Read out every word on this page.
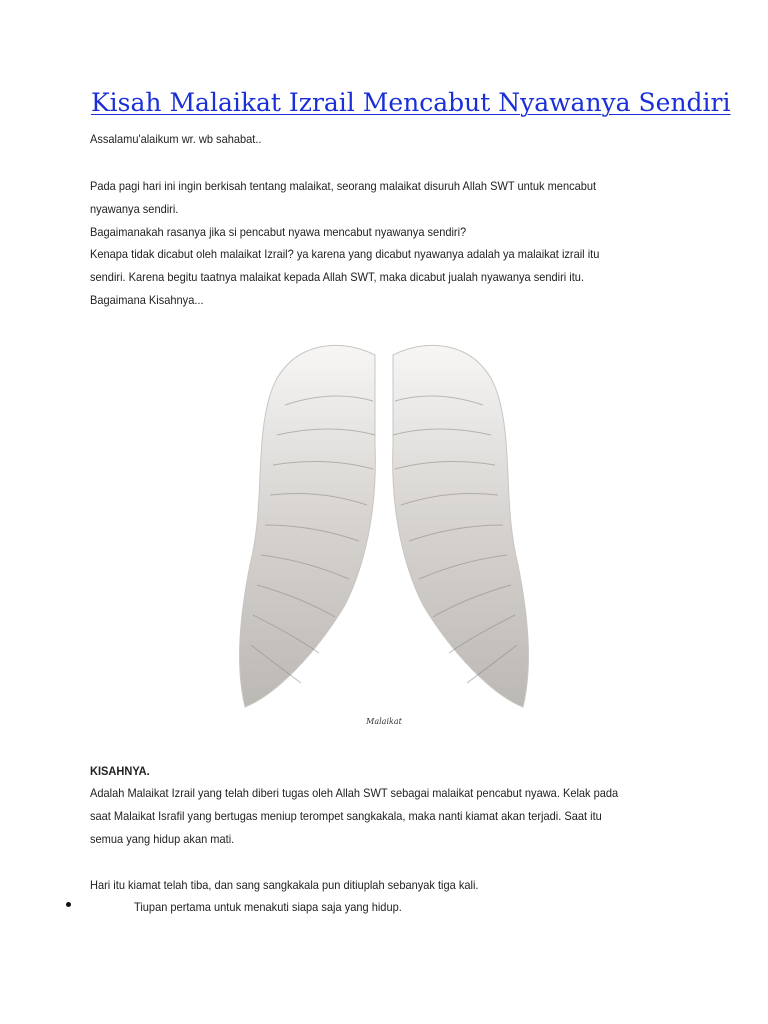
Kisah Malaikat Izrail Mencabut Nyawanya Sendiri

Assalamu'alaikum wr. wb sahabat..

Pada pagi hari ini ingin berkisah tentang malaikat, seorang malaikat disuruh Allah SWT untuk mencabut

nyawanya sendiri.

Bagaimanakah rasanya jika si pencabut nyawa mencabut nyawanya sendiri?

Kenapa tidak dicabut oleh malaikat Izrail? ya karena yang dicabut nyawanya adalah ya malaikat izrail itu

sendiri. Karena begitu taatnya malaikat kepada Allah SWT, maka dicabut jualah nyawanya sendiri itu.

Bagaimana Kisahnya...

Malaikat

KISAHNYA.

Adalah Malaikat Izrail yang telah diberi tugas oleh Allah SWT sebagai malaikat pencabut nyawa. Kelak pada

saat Malaikat Israfil yang bertugas meniup terompet sangkakala, maka nanti kiamat akan terjadi. Saat itu

semua yang hidup akan mati.

Hari itu kiamat telah tiba, dan sang sangkakala pun ditiuplah sebanyak tiga kali.

Tiupan pertama untuk menakuti siapa saja yang hidup.
